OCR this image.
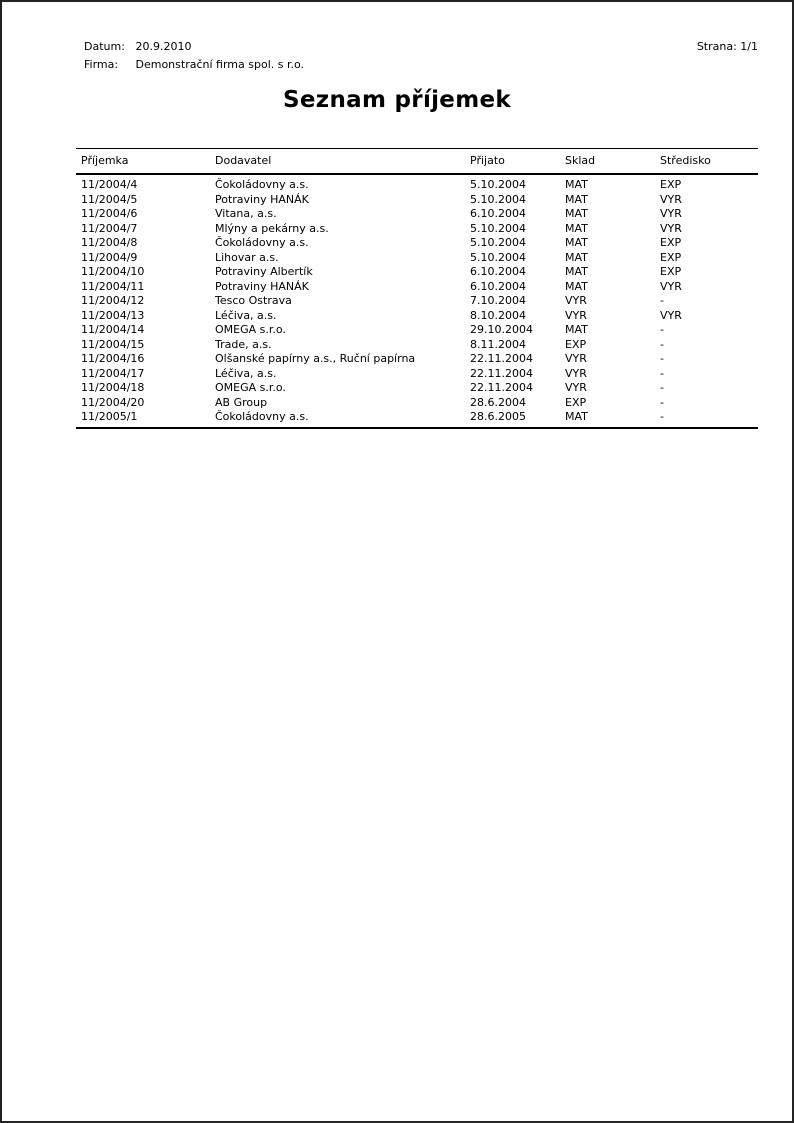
Datum: 20.9.2010
Firma: Demonstrační firma spol. s r.o.
Strana: 1/1
Seznam příjemek
Příjemka	Dodavatel	Přijato	Sklad	Středisko
11/2004/4	Čokoládovny a.s.	5.10.2004	MAT	EXP
11/2004/5	Potraviny HANÁK	5.10.2004	MAT	VYR
11/2004/6	Vitana, a.s.	6.10.2004	MAT	VYR
11/2004/7	Mlýny a pekárny a.s.	5.10.2004	MAT	VYR
11/2004/8	Čokoládovny a.s.	5.10.2004	MAT	EXP
11/2004/9	Lihovar a.s.	5.10.2004	MAT	EXP
11/2004/10	Potraviny Albertík	6.10.2004	MAT	EXP
11/2004/11	Potraviny HANÁK	6.10.2004	MAT	VYR
11/2004/12	Tesco Ostrava	7.10.2004	VYR	-
11/2004/13	Léčiva, a.s.	8.10.2004	VYR	VYR
11/2004/14	OMEGA s.r.o.	29.10.2004	MAT	-
11/2004/15	Trade, a.s.	8.11.2004	EXP	-
11/2004/16	Olšanské papírny a.s., Ruční papírna	22.11.2004	VYR	-
11/2004/17	Léčiva, a.s.	22.11.2004	VYR	-
11/2004/18	OMEGA s.r.o.	22.11.2004	VYR	-
11/2004/20	AB Group	28.6.2004	EXP	-
11/2005/1	Čokoládovny a.s.	28.6.2005	MAT	-
